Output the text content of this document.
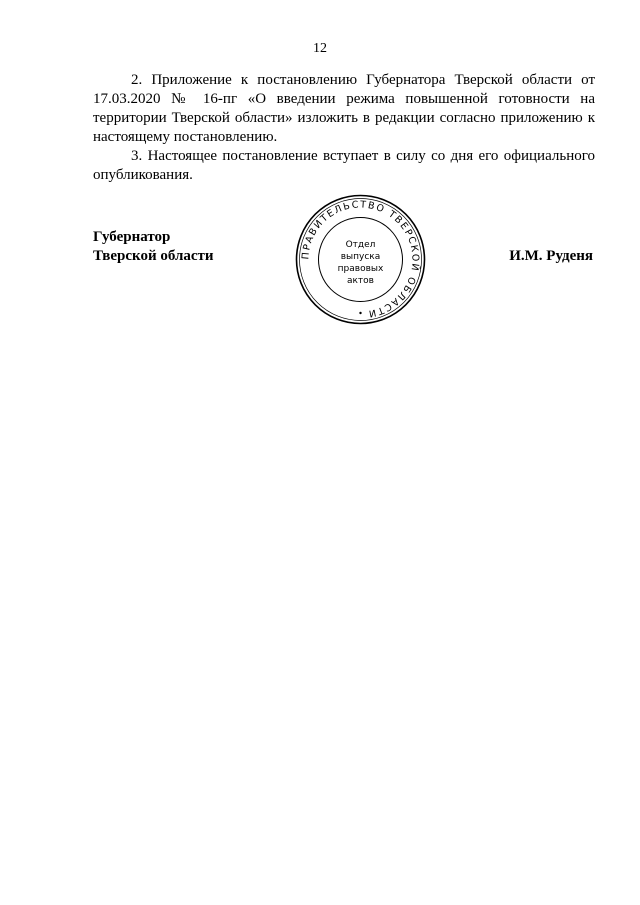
12

2. Приложение к постановлению Губернатора Тверской области от 17.03.2020 № 16-пг «О введении режима повышенной готовности на территории Тверской области» изложить в редакции согласно приложению к настоящему постановлению.

3. Настоящее постановление вступает в силу со дня его официального опубликования.

Губернатор
Тверской области	ПРАВИТЕЛЬСТВО ТВЕРСКОЙ ОБЛАСТИ
Отдел
выпуска
правовых
актов
И.М. Руденя
